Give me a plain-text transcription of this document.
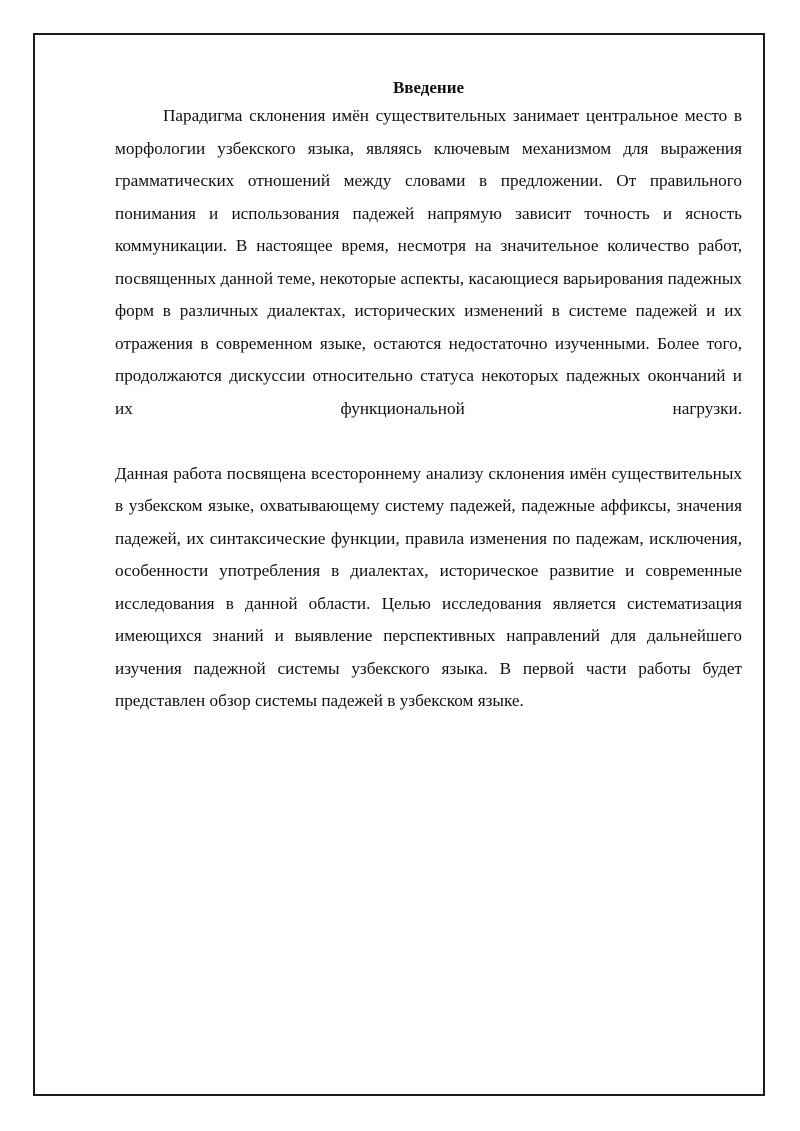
Введение

Парадигма склонения имён существительных занимает центральное место в морфологии узбекского языка, являясь ключевым механизмом для выражения грамматических отношений между словами в предложении. От правильного понимания и использования падежей напрямую зависит точность и ясность коммуникации. В настоящее время, несмотря на значительное количество работ, посвященных данной теме, некоторые аспекты, касающиеся варьирования падежных форм в различных диалектах, исторических изменений в системе падежей и их отражения в современном языке, остаются недостаточно изученными. Более того, продолжаются дискуссии относительно статуса некоторых падежных окончаний и их функциональной нагрузки.

Данная работа посвящена всестороннему анализу склонения имён существительных в узбекском языке, охватывающему систему падежей, падежные аффиксы, значения падежей, их синтаксические функции, правила изменения по падежам, исключения, особенности употребления в диалектах, историческое развитие и современные исследования в данной области. Целью исследования является систематизация имеющихся знаний и выявление перспективных направлений для дальнейшего изучения падежной системы узбекского языка. В первой части работы будет представлен обзор системы падежей в узбекском языке.
